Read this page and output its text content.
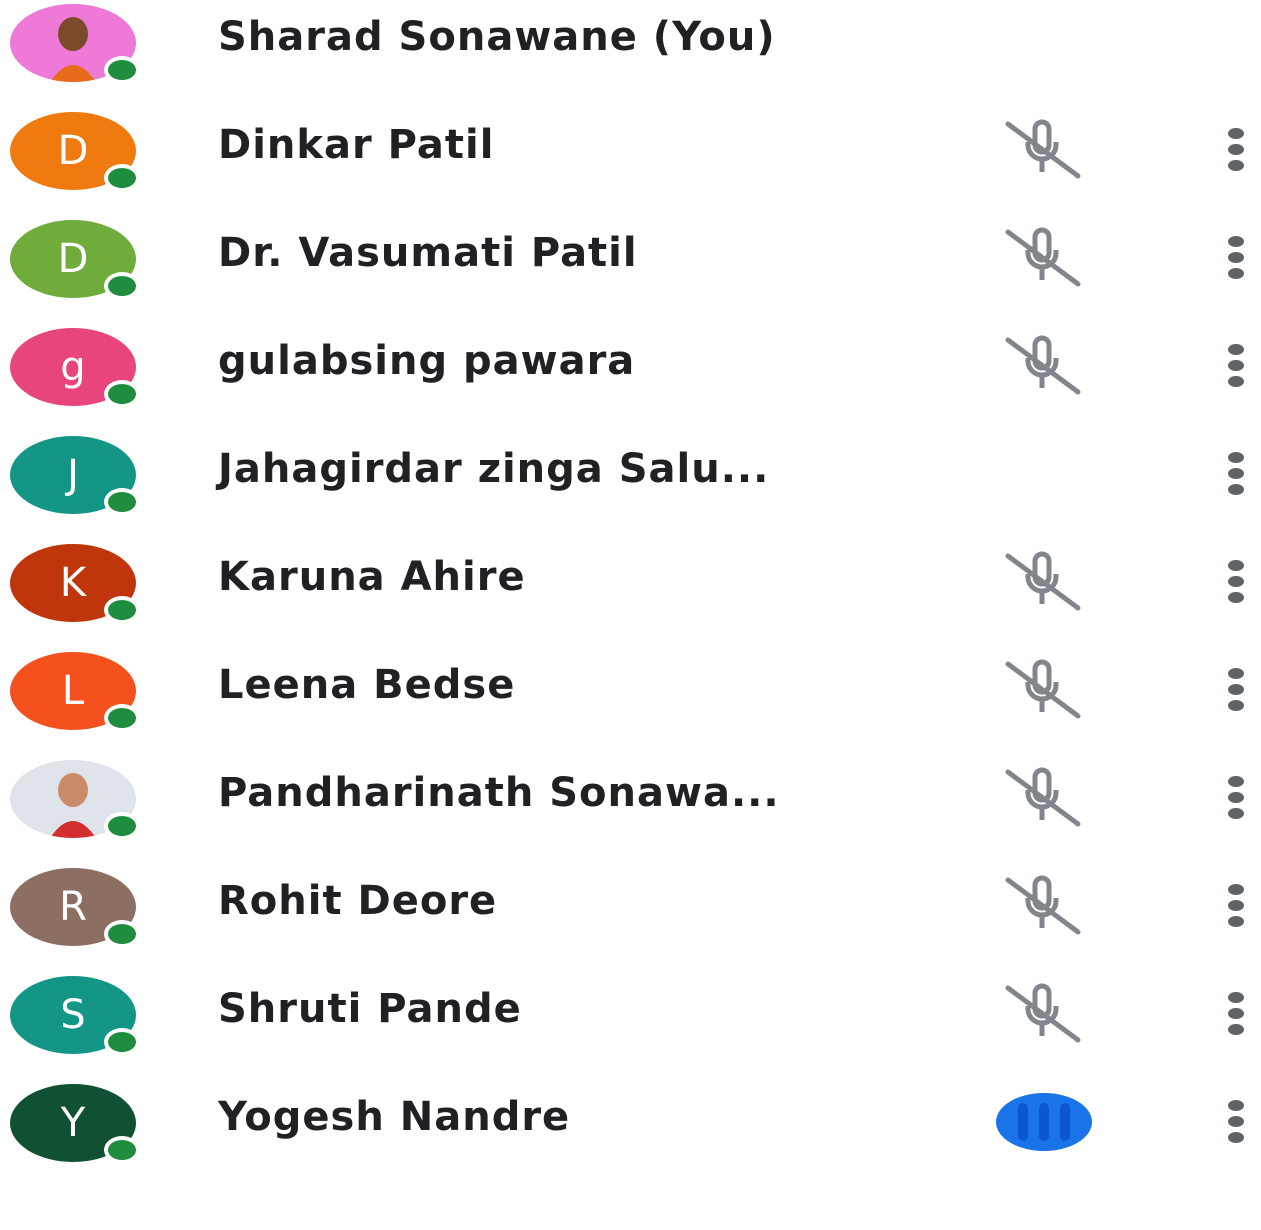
Sharad Sonawane (You)
D	Dinkar Patil
D	Dr. Vasumati Patil
g	gulabsing pawara
J	Jahagirdar zinga Salu...
K	Karuna Ahire
L	Leena Bedse
Pandharinath Sonawa...
R	Rohit Deore
S	Shruti Pande
Y	Yogesh Nandre
